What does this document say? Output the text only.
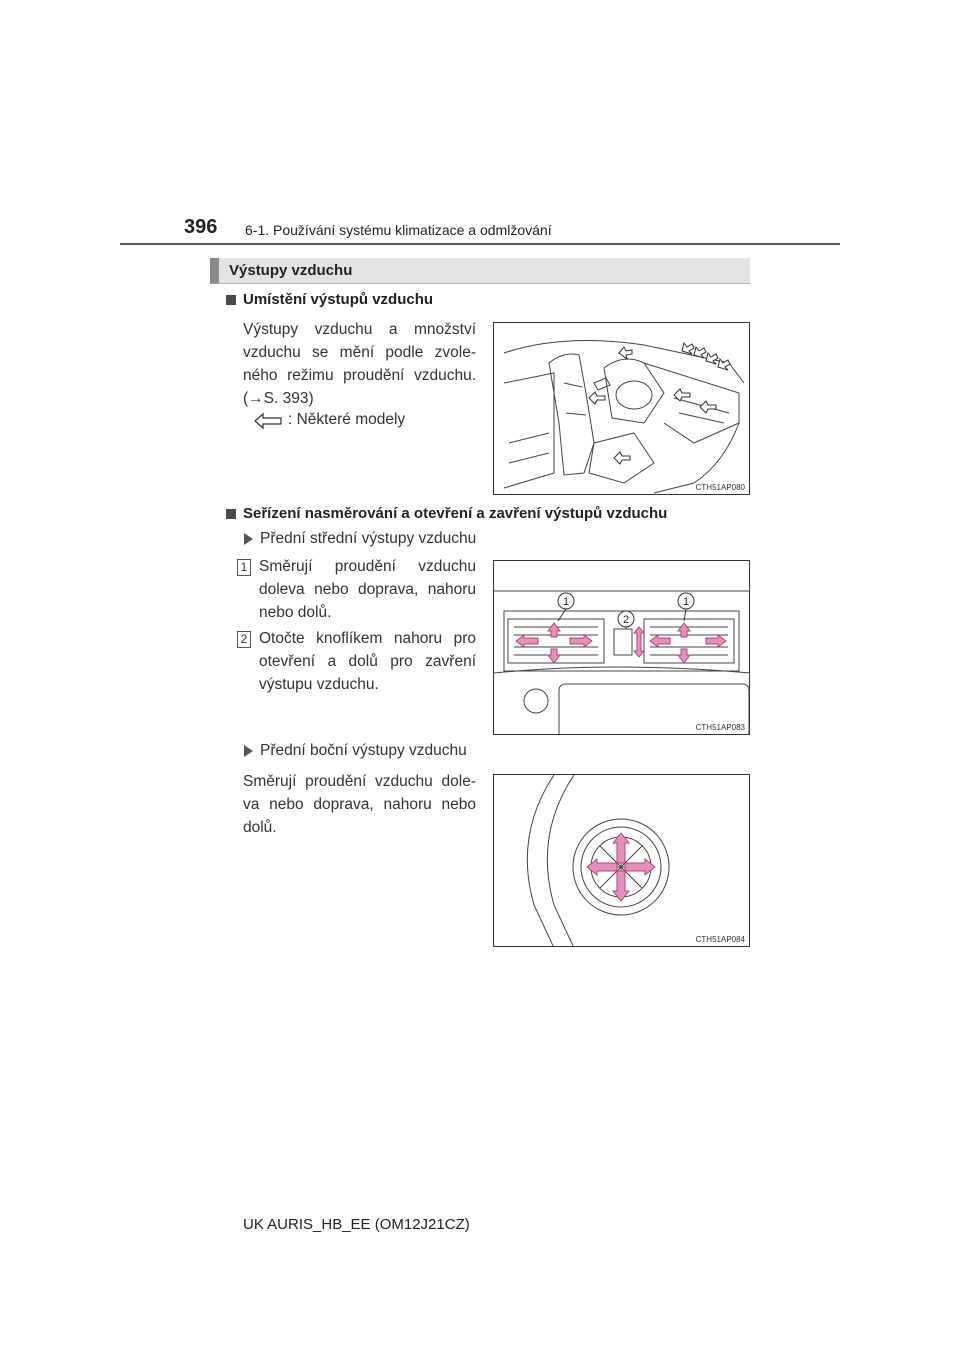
396 6-1. Používání systému klimatizace a odmlžování
Výstupy vzduchu
Umístění výstupů vzduchu
Výstupy vzduchu a množství vzduchu se mění podle zvole-ného režimu proudění vzduchu. (→S. 393)
: Některé modely
CTH51AP080
Seřízení nasměrování a otevření a zavření výstupů vzduchu
Přední střední výstupy vzduchu
1 Směrují proudění vzduchu doleva nebo doprava, nahoru nebo dolů.
2 Otočte knoflíkem nahoru pro otevření a dolů pro zavření výstupu vzduchu.
1
2
1
CTH51AP083
Přední boční výstupy vzduchu
Směrují proudění vzduchu dole-va nebo doprava, nahoru nebo dolů.
CTH51AP084
UK AURIS_HB_EE (OM12J21CZ)
